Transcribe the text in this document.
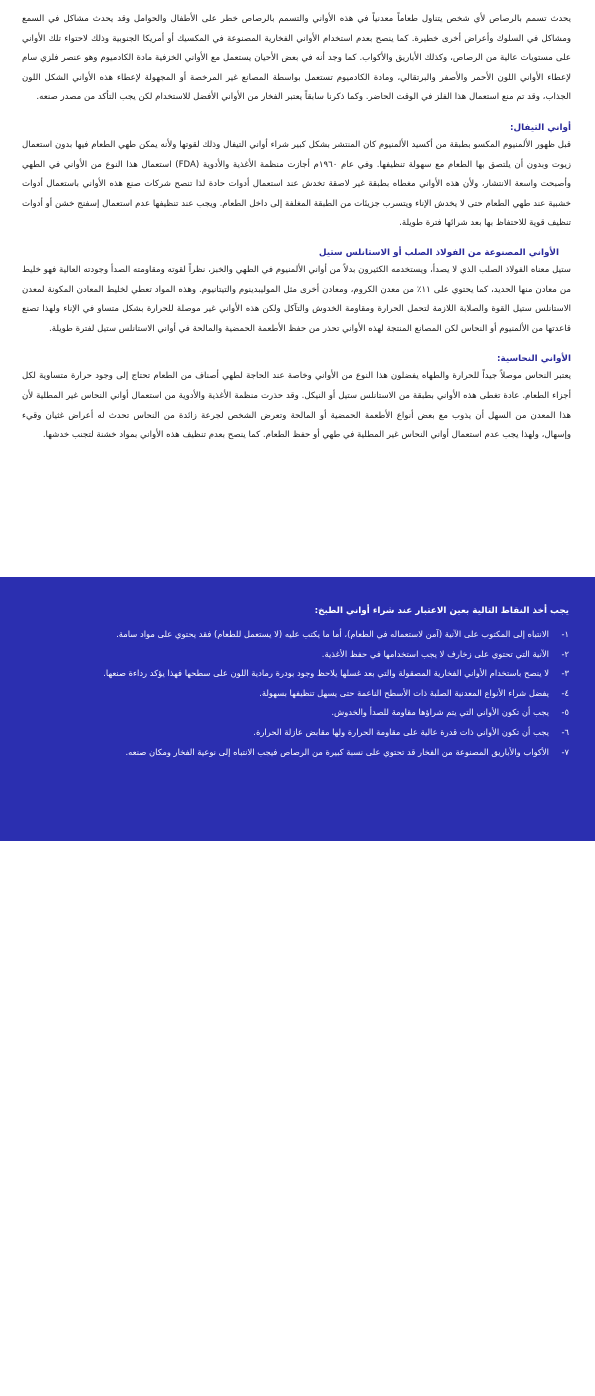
يحدث تسمم بالرصاص لأي شخص يتناول طعاماً معدنياً في هذه الأواني والتسمم بالرصاص خطر على الأطفال والحوامل وقد يحدث مشاكل في السمع ومشاكل في السلوك وأعراض أخرى خطيرة. كما ينصح بعدم استخدام الأواني الفخارية المصنوعة في المكسيك أو أمريكا الجنوبية وذلك لاحتواء تلك الأواني على مستويات عالية من الرصاص، وكذلك الأباريق والأكواب. كما وجد أنه في بعض الأحيان يستعمل مع الأواني الخزفية مادة الكادميوم وهو عنصر فلزي سام لإعطاء الأواني اللون الأحمر والأصفر والبرتقالي، ومادة الكادميوم تستعمل بواسطة المصانع غير المرخصة أو المجهولة لإعطاء هذه الأواني الشكل اللون الجذاب، وقد تم منع استعمال هذا الفلز في الوقت الحاضر. وكما ذكرنا سابقاً يعتبر الفخار من الأواني الأفضل للاستخدام لكن يجب التأكد من مصدر صنعه.

أواني التيفال:

قبل ظهور الألمنيوم المكسو بطبقة من أكسيد الألمنيوم كان المنتشر بشكل كبير شراء أواني التيفال وذلك لقوتها ولأنه يمكن طهي الطعام فيها بدون استعمال زيوت وبدون أن يلتصق بها الطعام مع سهولة تنظيفها. وفي عام ١٩٦٠م أجازت منظمة الأغذية والأدوية (FDA) استعمال هذا النوع من الأواني في الطهي وأصبحت واسعة الانتشار، ولأن هذه الأواني مغطاه بطبقة غير لاصقة تخدش عند استعمال أدوات حادة لذا تنصح شركات صنع هذه الأواني باستعمال أدوات خشبية عند طهي الطعام حتى لا يخدش الإناء ويتسرب جزيئات من الطبقة المغلفة إلى داخل الطعام. ويجب عند تنظيفها عدم استعمال إسفنج خشن أو أدوات تنظيف قوية للاحتفاظ بها بعد شرائها فترة طويلة.

الأواني المصنوعة من الفولاذ الصلب أو الاستانلس ستيل

ستيل معناه الفولاذ الصلب الذي لا يصدأ، ويستخدمه الكثيرون بدلاً من أواني الألمنيوم في الطهي والخبز، نظراً لقوته ومقاومته الصدأ وجودته العالية فهو خليط من معادن منها الحديد، كما يحتوي على ١١٪ من معدن الكروم، ومعادن أخرى مثل الموليبدينوم والتيتانيوم. وهذه المواد تعطي لخليط المعادن المكونة لمعدن الاستانلس ستيل القوة والصلابة اللازمة لتحمل الحرارة ومقاومة الخدوش والتآكل ولكن هذه الأواني غير موصلة للحرارة بشكل متساو في الإناء ولهذا تصنع قاعدتها من الألمنيوم أو النحاس لكن المصانع المنتجة لهذه الأواني تحذر من حفظ الأطعمة الحمضية والمالحة في أواني الاستانلس ستيل لفترة طويلة.

الأواني النحاسية:

يعتبر النحاس موصلاً جيداً للحرارة والطهاه يفضلون هذا النوع من الأواني وخاصة عند الحاجة لطهي أصناف من الطعام تحتاج إلى وجود حرارة متساوية لكل أجزاء الطعام. عادة تغطى هذه الأواني بطبقة من الاستانلس ستيل أو النيكل. وقد حذرت منظمة الأغذية والأدوية من استعمال أواني النحاس غير المطلية لأن هذا المعدن من السهل أن يذوب مع بعض أنواع الأطعمة الحمضية أو المالحة وتعرض الشخص لجرعة زائدة من النحاس تحدث له أعراض غثيان وقيء وإسهال، ولهذا يجب عدم استعمال أواني النحاس غير المطلية في طهي أو حفظ الطعام. كما ينصح بعدم تنظيف هذه الأواني بمواد خشنة لتجنب خدشها.

يجب أخذ النقاط التالية بعين الاعتبار عند شراء أواني الطبخ:
١-
الانتباه إلى المكتوب على الآنية (آمن لاستعماله في الطعام)، أما ما يكتب عليه (لا يستعمل للطعام) فقد يحتوي على مواد سامة.
٢-
الآنية التي تحتوي على زخارف لا يجب استخدامها في حفظ الأغذية.
٣-
لا ينصح باستخدام الأواني الفخارية المصقولة والتي بعد غسلها يلاحظ وجود بودرة رمادية اللون على سطحها فهذا يؤكد رداءة صنعها.
٤-
يفضل شراء الأنواع المعدنية الصلبة ذات الأسطح الناعمة حتى يسهل تنظيفها بسهولة.
٥-
يجب أن تكون الأواني التي يتم شراؤها مقاومة للصدأ والخدوش.
٦-
يجب أن تكون الأواني ذات قدرة عالية على مقاومة الحرارة ولها مقابض عازلة الحرارة.
٧-
الأكواب والأباريق المصنوعة من الفخار قد تحتوي على نسبة كبيرة من الرصاص فيجب الانتباه إلى نوعية الفخار ومكان صنعه.
119
